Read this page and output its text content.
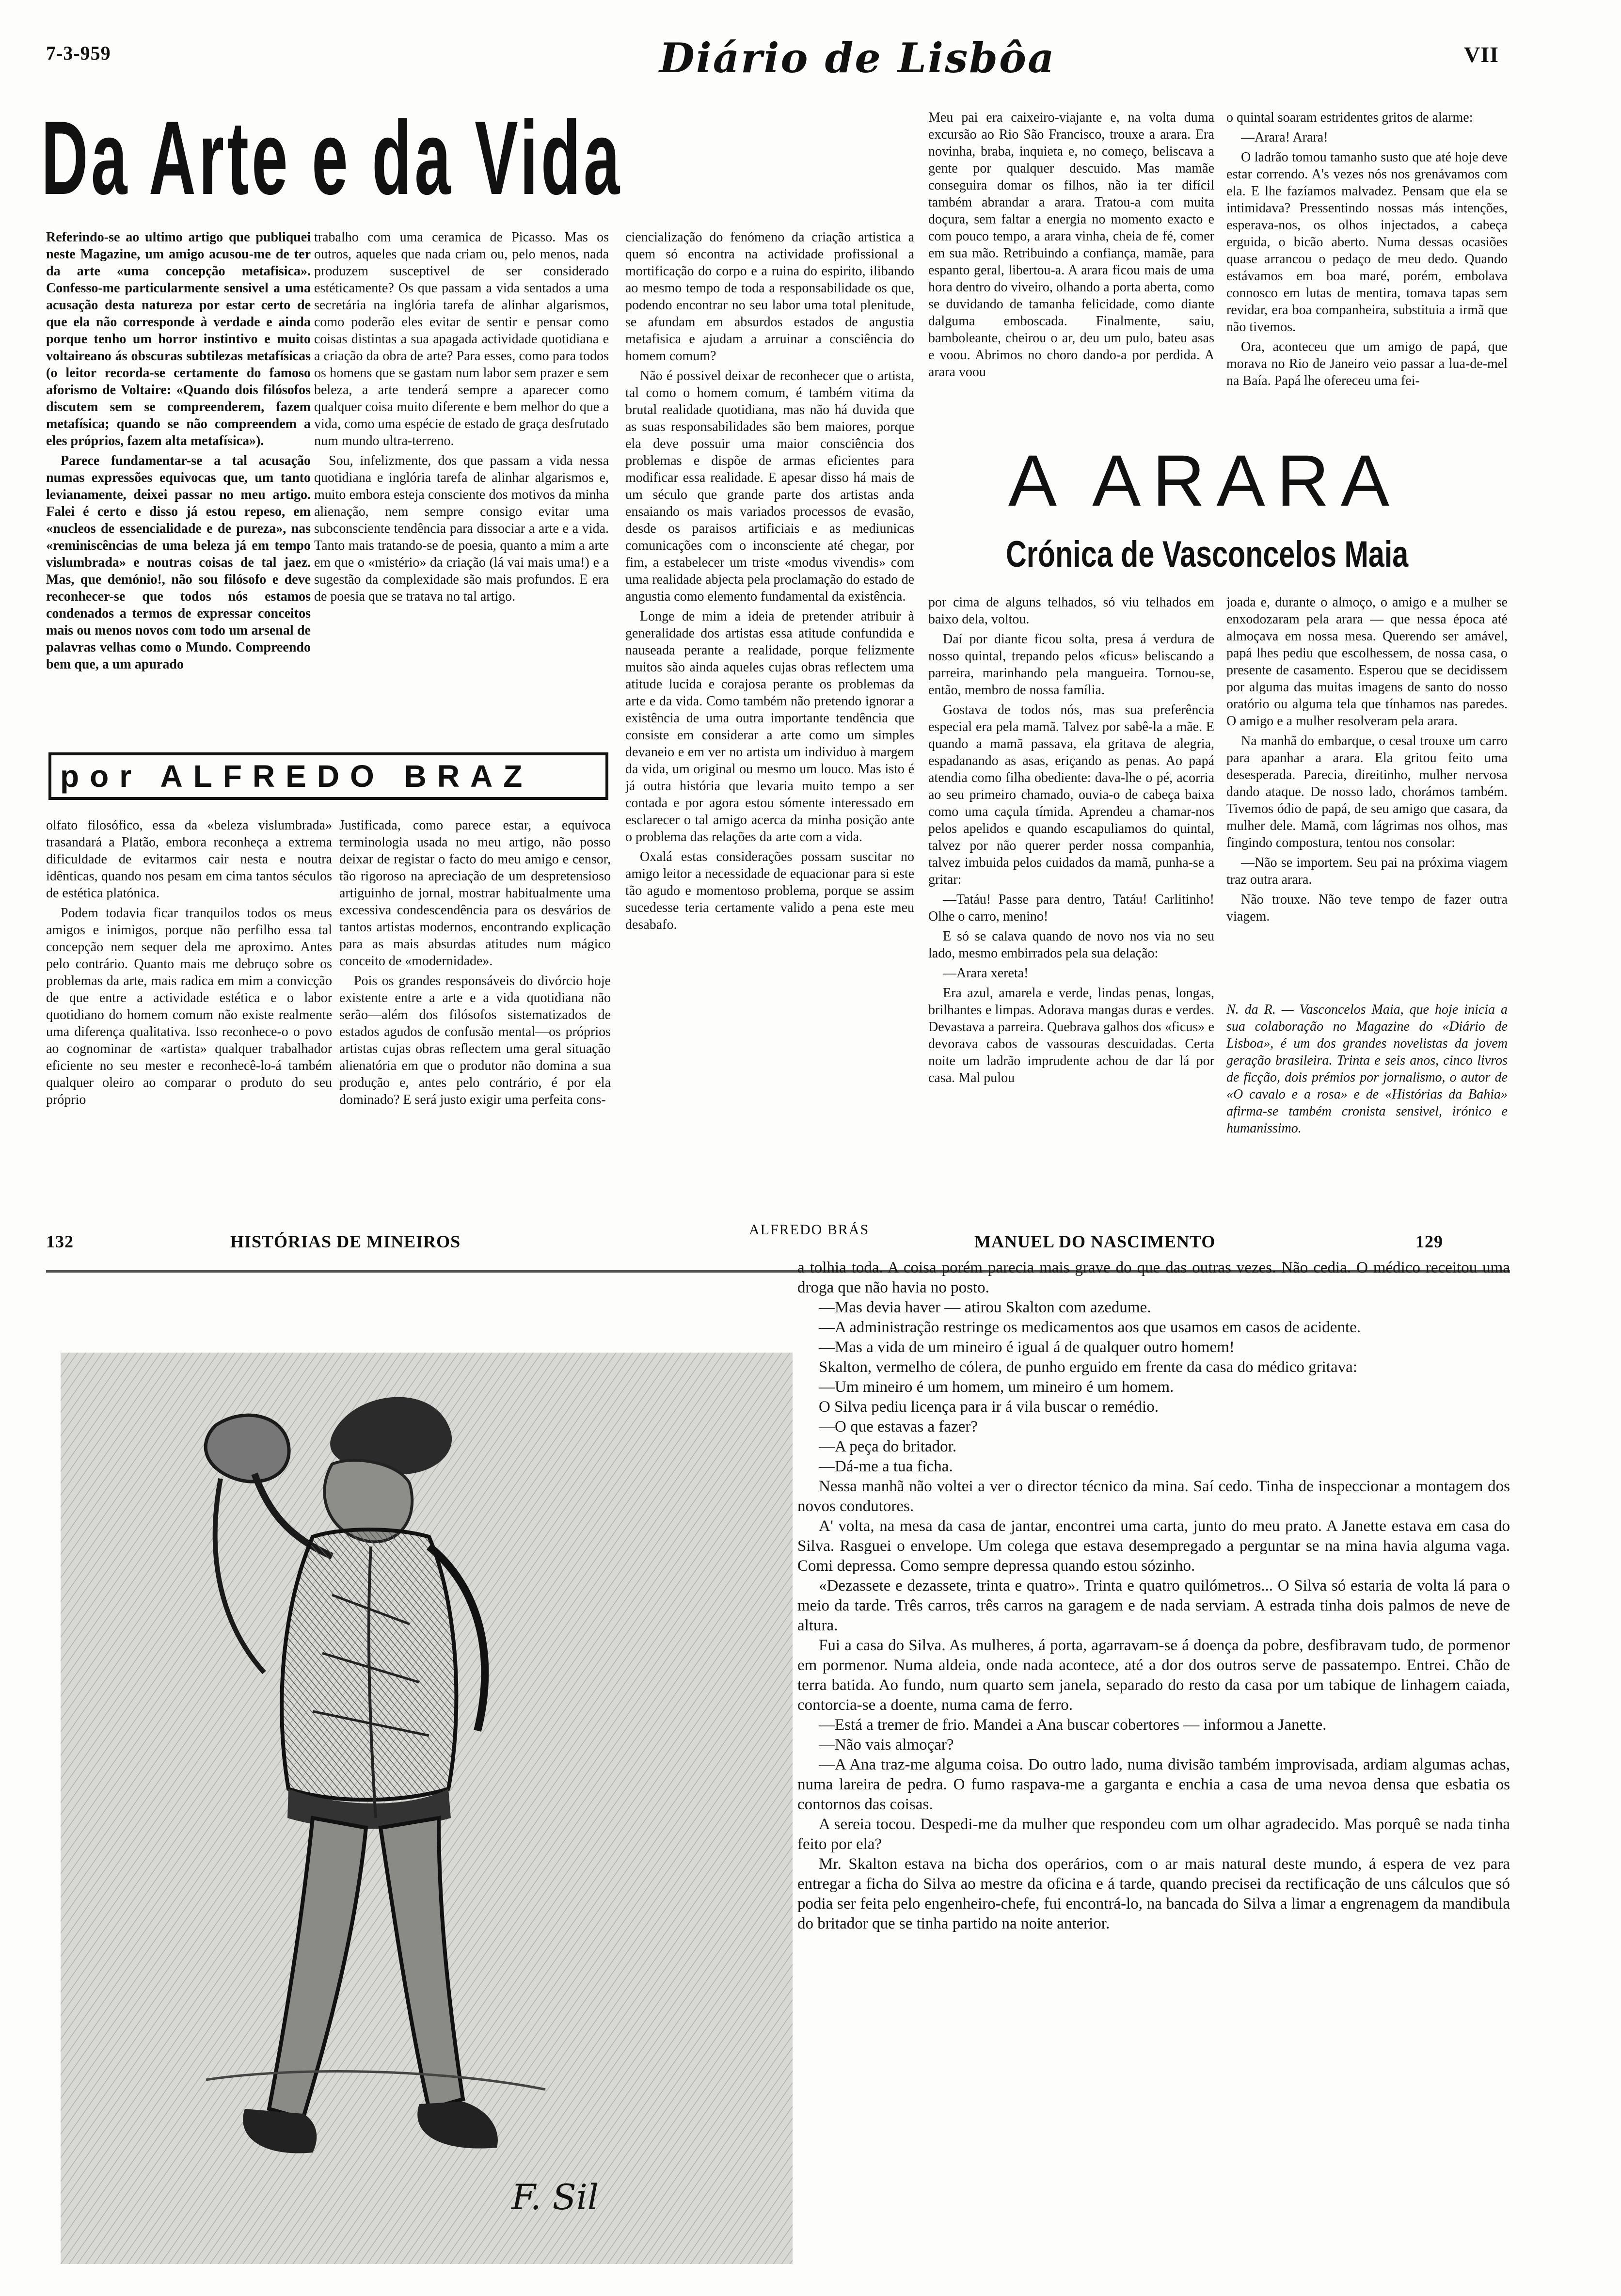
7-3-959	Diário de Lisbôa	VII
Da Arte e da Vida

Referindo-se ao ultimo artigo que publiquei neste Magazine, um amigo acusou-me de ter da arte «uma concepção metafisica». Confesso-me particularmente sensivel a uma acusação desta natureza por estar certo de que ela não corresponde à verdade e ainda porque tenho um horror instintivo e muito voltaireano ás obscuras subtilezas metafísicas (o leitor recorda-se certamente do famoso aforismo de Voltaire: «Quando dois filósofos discutem sem se compreenderem, fazem metafísica; quando se não compreendem a eles próprios, fazem alta metafísica»).

Parece fundamentar-se a tal acusação numas expressões equivocas que, um tanto levianamente, deixei passar no meu artigo. Falei é certo e disso já estou repeso, em «nucleos de essencialidade e de pureza», nas «reminiscências de uma beleza já em tempo vislumbrada» e noutras coisas de tal jaez. Mas, que demónio!, não sou filósofo e deve reconhecer-se que todos nós estamos condenados a termos de expressar conceitos mais ou menos novos com todo um arsenal de palavras velhas como o Mundo. Compreendo bem que, a um apurado

trabalho com uma ceramica de Picasso. Mas os outros, aqueles que nada criam ou, pelo menos, nada produzem susceptivel de ser considerado estéticamente? Os que passam a vida sentados a uma secretária na inglória tarefa de alinhar algarismos, como poderão eles evitar de sentir e pensar como coisas distintas a sua apagada actividade quotidiana e a criação da obra de arte? Para esses, como para todos os homens que se gastam num labor sem prazer e sem beleza, a arte tenderá sempre a aparecer como qualquer coisa muito diferente e bem melhor do que a vida, como uma espécie de estado de graça desfrutado num mundo ultra-terreno.

Sou, infelizmente, dos que passam a vida nessa quotidiana e inglória tarefa de alinhar algarismos e, muito embora esteja consciente dos motivos da minha alienação, nem sempre consigo evitar uma subconsciente tendência para dissociar a arte e a vida. Tanto mais tratando-se de poesia, quanto a mim a arte em que o «mistério» da criação (lá vai mais uma!) e a sugestão da complexidade são mais profundos. E era de poesia que se tratava no tal artigo.

ciencialização do fenómeno da criação artistica a quem só encontra na actividade profissional a mortificação do corpo e a ruina do espirito, ilibando ao mesmo tempo de toda a responsabilidade os que, podendo encontrar no seu labor uma total plenitude, se afundam em absurdos estados de angustia metafisica e ajudam a arruinar a consciência do homem comum?

Não é possivel deixar de reconhecer que o artista, tal como o homem comum, é também vitima da brutal realidade quotidiana, mas não há duvida que as suas responsabilidades são bem maiores, porque ela deve possuir uma maior consciência dos problemas e dispõe de armas eficientes para modificar essa realidade. E apesar disso há mais de um século que grande parte dos artistas anda ensaiando os mais variados processos de evasão, desde os paraisos artificiais e as mediunicas comunicações com o inconsciente até chegar, por fim, a estabelecer um triste «modus vivendis» com uma realidade abjecta pela proclamação do estado de angustia como elemento fundamental da existência.

Longe de mim a ideia de pretender atribuir à generalidade dos artistas essa atitude confundida e nauseada perante a realidade, porque felizmente muitos são ainda aqueles cujas obras reflectem uma atitude lucida e corajosa perante os problemas da arte e da vida. Como também não pretendo ignorar a existência de uma outra importante tendência que consiste em considerar a arte como um simples devaneio e em ver no artista um individuo à margem da vida, um original ou mesmo um louco. Mas isto é já outra história que levaria muito tempo a ser contada e por agora estou sómente interessado em esclarecer o tal amigo acerca da minha posição ante o problema das relações da arte com a vida.

Oxalá estas considerações possam suscitar no amigo leitor a necessidade de equacionar para si este tão agudo e momentoso problema, porque se assim sucedesse teria certamente valido a pena este meu desabafo.

por ALFREDO BRAZ

olfato filosófico, essa da «beleza vislumbrada» trasandará a Platão, embora reconheça a extrema dificuldade de evitarmos cair nesta e noutra idênticas, quando nos pesam em cima tantos séculos de estética platónica.

Podem todavia ficar tranquilos todos os meus amigos e inimigos, porque não perfilho essa tal concepção nem sequer dela me aproximo. Antes pelo contrário. Quanto mais me debruço sobre os problemas da arte, mais radica em mim a convicção de que entre a actividade estética e o labor quotidiano do homem comum não existe realmente uma diferença qualitativa. Isso reconhece-o o povo ao cognominar de «artista» qualquer trabalhador eficiente no seu mester e reconhecê-lo-á também qualquer oleiro ao comparar o produto do seu próprio

Justificada, como parece estar, a equivoca terminologia usada no meu artigo, não posso deixar de registar o facto do meu amigo e censor, tão rigoroso na apreciação de um despretensioso artiguinho de jornal, mostrar habitualmente uma excessiva condescendência para os desvários de tantos artistas modernos, encontrando explicação para as mais absurdas atitudes num mágico conceito de «modernidade».

Pois os grandes responsáveis do divórcio hoje existente entre a arte e a vida quotidiana não serão—além dos filósofos sistematizados de estados agudos de confusão mental—os próprios artistas cujas obras reflectem uma geral situação alienatória em que o produtor não domina a sua produção e, antes pelo contrário, é por ela dominado? E será justo exigir uma perfeita cons-

ALFREDO BRÁS

Meu pai era caixeiro-viajante e, na volta duma excursão ao Rio São Francisco, trouxe a arara. Era novinha, braba, inquieta e, no começo, beliscava a gente por qualquer descuido. Mas mamãe conseguira domar os filhos, não ia ter difícil também abrandar a arara. Tratou-a com muita doçura, sem faltar a energia no momento exacto e com pouco tempo, a arara vinha, cheia de fé, comer em sua mão. Retribuindo a confiança, mamãe, para espanto geral, libertou-a. A arara ficou mais de uma hora dentro do viveiro, olhando a porta aberta, como se duvidando de tamanha felicidade, como diante dalguma emboscada. Finalmente, saiu, bamboleante, cheirou o ar, deu um pulo, bateu asas e voou. Abrimos no choro dando-a por perdida. A arara voou

o quintal soaram estridentes gritos de alarme:

—Arara! Arara!

O ladrão tomou tamanho susto que até hoje deve estar correndo. A's vezes nós nos grenávamos com ela. E lhe fazíamos malvadez. Pensam que ela se intimidava? Pressentindo nossas más intenções, esperava-nos, os olhos injectados, a cabeça erguida, o bicão aberto. Numa dessas ocasiões quase arrancou o pedaço de meu dedo. Quando estávamos em boa maré, porém, embolava connosco em lutas de mentira, tomava tapas sem revidar, era boa companheira, substituia a irmã que não tivemos.

Ora, aconteceu que um amigo de papá, que morava no Rio de Janeiro veio passar a lua-de-mel na Baía. Papá lhe ofereceu uma fei-

A ARARA
Crónica de Vasconcelos Maia

por cima de alguns telhados, só viu telhados em baixo dela, voltou.

Daí por diante ficou solta, presa á verdura de nosso quintal, trepando pelos «ficus» beliscando a parreira, marinhando pela mangueira. Tornou-se, então, membro de nossa família.

Gostava de todos nós, mas sua preferência especial era pela mamã. Talvez por sabê-la a mãe. E quando a mamã passava, ela gritava de alegria, espadanando as asas, eriçando as penas. Ao papá atendia como filha obediente: dava-lhe o pé, acorria ao seu primeiro chamado, ouvia-o de cabeça baixa como uma caçula tímida. Aprendeu a chamar-nos pelos apelidos e quando escapuliamos do quintal, talvez por não querer perder nossa companhia, talvez imbuida pelos cuidados da mamã, punha-se a gritar:

—Tatáu! Passe para dentro, Tatáu! Carlitinho! Olhe o carro, menino!

E só se calava quando de novo nos via no seu lado, mesmo embirrados pela sua delação:

—Arara xereta!

Era azul, amarela e verde, lindas penas, longas, brilhantes e limpas. Adorava mangas duras e verdes. Devastava a parreira. Quebrava galhos dos «ficus» e devorava cabos de vassouras descuidadas. Certa noite um ladrão imprudente achou de dar lá por casa. Mal pulou

joada e, durante o almoço, o amigo e a mulher se enxodozaram pela arara — que nessa época até almoçava em nossa mesa. Querendo ser amável, papá lhes pediu que escolhessem, de nossa casa, o presente de casamento. Esperou que se decidissem por alguma das muitas imagens de santo do nosso oratório ou alguma tela que tínhamos nas paredes. O amigo e a mulher resolveram pela arara.

Na manhã do embarque, o cesal trouxe um carro para apanhar a arara. Ela gritou feito uma desesperada. Parecia, direitinho, mulher nervosa dando ataque. De nosso lado, chorámos também. Tivemos ódio de papá, de seu amigo que casara, da mulher dele. Mamã, com lágrimas nos olhos, mas fingindo compostura, tentou nos consolar:

—Não se importem. Seu pai na próxima viagem traz outra arara.

Não trouxe. Não teve tempo de fazer outra viagem.

N. da R. — Vasconcelos Maia, que hoje inicia a sua colaboração no Magazine do «Diário de Lisboa», é um dos grandes novelistas da jovem geração brasileira. Trinta e seis anos, cinco livros de ficção, dois prémios por jornalismo, o autor de «O cavalo e a rosa» e de «Histórias da Bahia» afirma-se também cronista sensivel, irónico e humanissimo.

132	HISTÓRIAS DE MINEIROS	MANUEL DO NASCIMENTO	129
F. Sil

a tolhia toda. A coisa porém parecia mais grave do que das outras vezes. Não cedia. O médico receitou uma droga que não havia no posto.

—Mas devia haver — atirou Skalton com azedume.

—A administração restringe os medicamentos aos que usamos em casos de acidente.

—Mas a vida de um mineiro é igual á de qualquer outro homem!

Skalton, vermelho de cólera, de punho erguido em frente da casa do médico gritava:

—Um mineiro é um homem, um mineiro é um homem.

O Silva pediu licença para ir á vila buscar o remédio.

—O que estavas a fazer?

—A peça do britador.

—Dá-me a tua ficha.

Nessa manhã não voltei a ver o director técnico da mina. Saí cedo. Tinha de inspeccionar a montagem dos novos condutores.

A' volta, na mesa da casa de jantar, encontrei uma carta, junto do meu prato. A Janette estava em casa do Silva. Rasguei o envelope. Um colega que estava desempregado a perguntar se na mina havia alguma vaga. Comi depressa. Como sempre depressa quando estou sózinho.

«Dezassete e dezassete, trinta e quatro». Trinta e quatro quilómetros... O Silva só estaria de volta lá para o meio da tarde. Três carros, três carros na garagem e de nada serviam. A estrada tinha dois palmos de neve de altura.

Fui a casa do Silva. As mulheres, á porta, agarravam-se á doença da pobre, desfibravam tudo, de pormenor em pormenor. Numa aldeia, onde nada acontece, até a dor dos outros serve de passatempo. Entrei. Chão de terra batida. Ao fundo, num quarto sem janela, separado do resto da casa por um tabique de linhagem caiada, contorcia-se a doente, numa cama de ferro.

—Está a tremer de frio. Mandei a Ana buscar cobertores — informou a Janette.

—Não vais almoçar?

—A Ana traz-me alguma coisa. Do outro lado, numa divisão também improvisada, ardiam algumas achas, numa lareira de pedra. O fumo raspava-me a garganta e enchia a casa de uma nevoa densa que esbatia os contornos das coisas.

A sereia tocou. Despedi-me da mulher que respondeu com um olhar agradecido. Mas porquê se nada tinha feito por ela?

Mr. Skalton estava na bicha dos operários, com o ar mais natural deste mundo, á espera de vez para entregar a ficha do Silva ao mestre da oficina e á tarde, quando precisei da rectificação de uns cálculos que só podia ser feita pelo engenheiro-chefe, fui encontrá-lo, na bancada do Silva a limar a engrenagem da mandibula do britador que se tinha partido na noite anterior.
